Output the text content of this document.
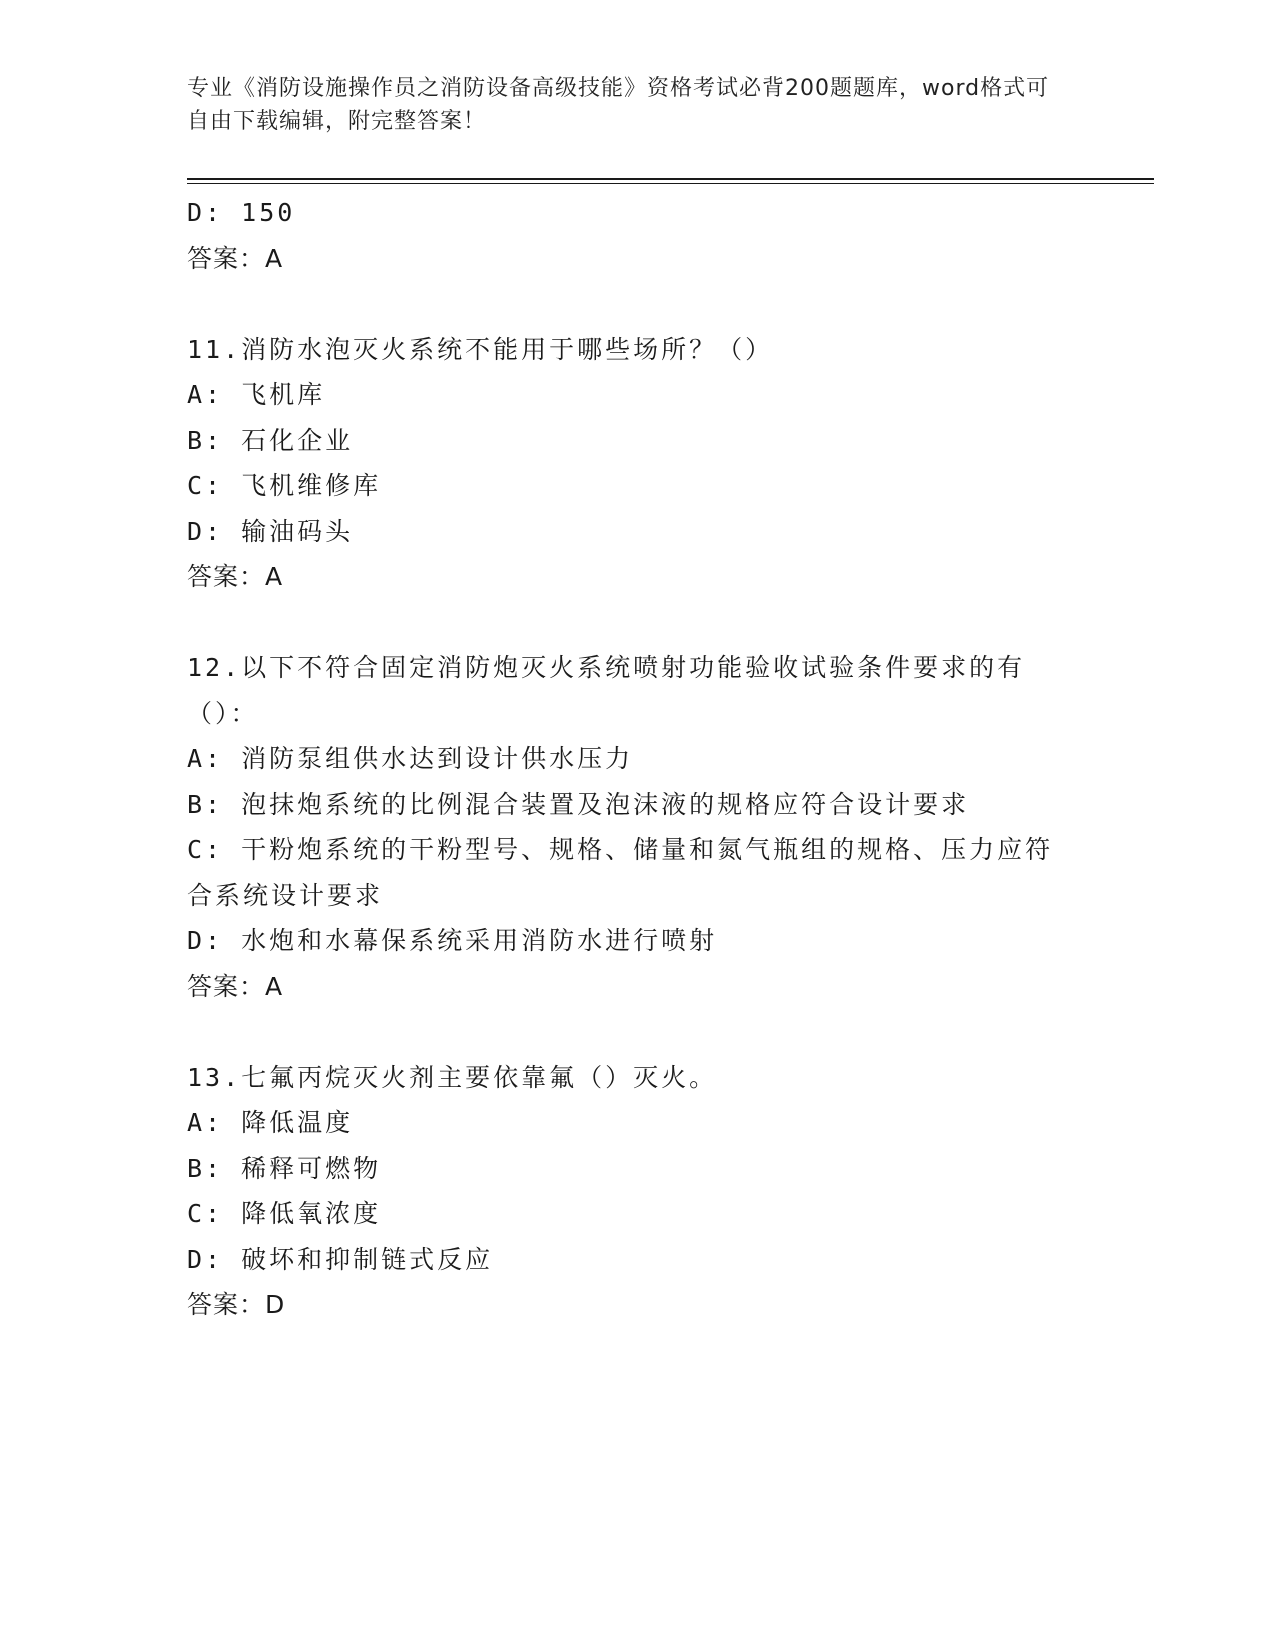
专业《消防设施操作员之消防设备高级技能》资格考试必背200题题库，word格式可自由下载编辑，附完整答案！
D: 150
答案：A
11.消防水泡灭火系统不能用于哪些场所？（）
A: 飞机库
B: 石化企业
C: 飞机维修库
D: 输油码头
答案：A
12.以下不符合固定消防炮灭火系统喷射功能验收试验条件要求的有（）：
A: 消防泵组供水达到设计供水压力
B: 泡抹炮系统的比例混合装置及泡沫液的规格应符合设计要求
C: 干粉炮系统的干粉型号、规格、储量和氮气瓶组的规格、压力应符合系统设计要求
D: 水炮和水幕保系统采用消防水进行喷射
答案：A
13.七氟丙烷灭火剂主要依靠氟（）灭火。
A: 降低温度
B: 稀释可燃物
C: 降低氧浓度
D: 破坏和抑制链式反应
答案：D
